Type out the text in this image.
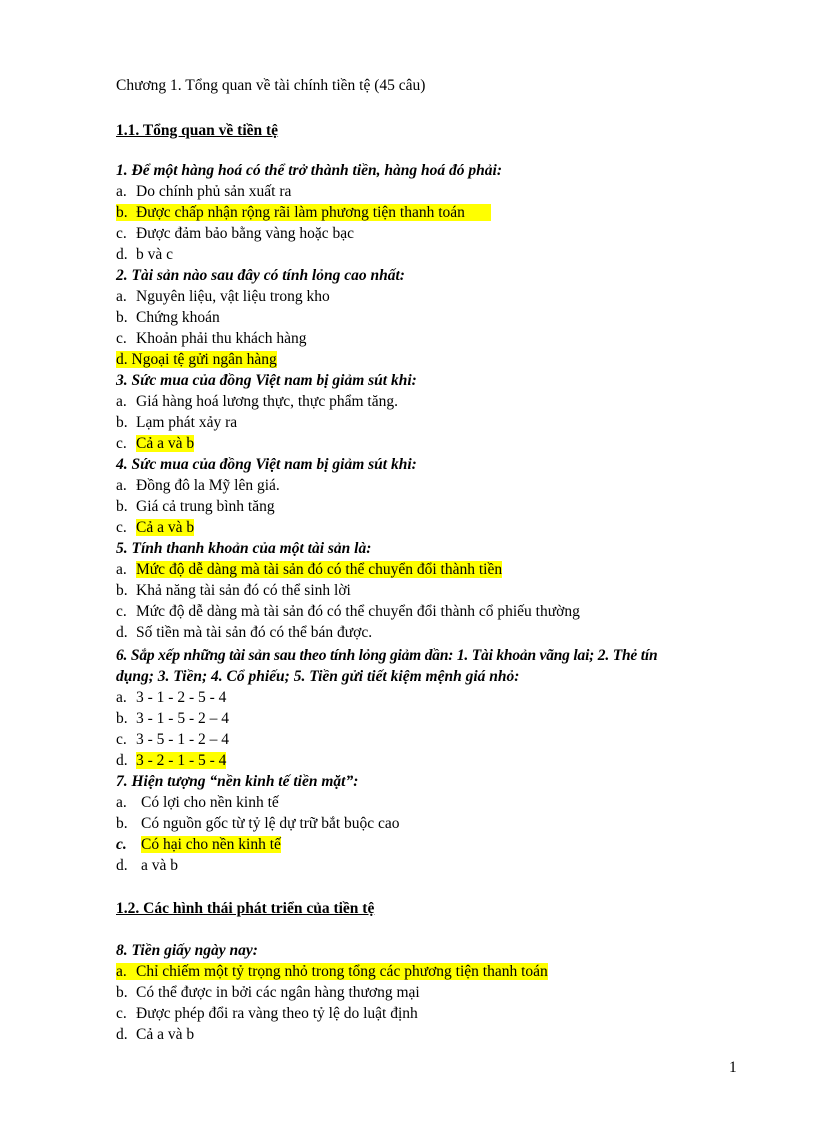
Chương 1. Tổng quan về tài chính tiền tệ (45 câu)
1.1. Tổng quan về tiền tệ
1. Để một hàng hoá có thể trở thành tiền, hàng hoá đó phải:
a. Do chính phủ sản xuất ra
b. Được chấp nhận rộng rãi làm phương tiện thanh toán
c. Được đảm bảo bằng vàng hoặc bạc
d. b và c
2. Tài sản nào sau đây có tính lỏng cao nhất:
a. Nguyên liệu, vật liệu trong kho
b. Chứng khoán
c. Khoản phải thu khách hàng
d. Ngoại tệ gửi ngân hàng
3. Sức mua của đồng Việt nam bị giảm sút khi:
a. Giá hàng hoá lương thực, thực phẩm tăng.
b. Lạm phát xảy ra
c. Cả a và b
4. Sức mua của đồng Việt nam bị giảm sút khi:
a. Đồng đô la Mỹ lên giá.
b. Giá cả trung bình tăng
c. Cả a và b
5. Tính thanh khoản của một tài sản là:
a. Mức độ dễ dàng mà tài sản đó có thể chuyển đổi thành tiền
b. Khả năng tài sản đó có thể sinh lời
c. Mức độ dễ dàng mà tài sản đó có thể chuyển đổi thành cổ phiếu thường
d. Số tiền mà tài sản đó có thể bán được.
6. Sắp xếp những tài sản sau theo tính lỏng giảm dần: 1. Tài khoản vãng lai; 2. Thẻ tín
dụng; 3. Tiền; 4. Cổ phiếu; 5. Tiền gửi tiết kiệm mệnh giá nhỏ:
a. 3 - 1 - 2 - 5 - 4
b. 3 - 1 - 5 - 2 – 4
c. 3 - 5 - 1 - 2 – 4
d. 3 - 2 - 1 - 5 - 4
7. Hiện tượng “nền kinh tế tiền mặt”:
a. Có lợi cho nền kinh tế
b. Có nguồn gốc từ tỷ lệ dự trữ bắt buộc cao
c. Có hại cho nền kinh tế
d. a và b
1.2. Các hình thái phát triển của tiền tệ
8. Tiền giấy ngày nay:
a. Chỉ chiếm một tỷ trọng nhỏ trong tổng các phương tiện thanh toán
b. Có thể được in bởi các ngân hàng thương mại
c. Được phép đổi ra vàng theo tỷ lệ do luật định
d. Cả a và b
1
